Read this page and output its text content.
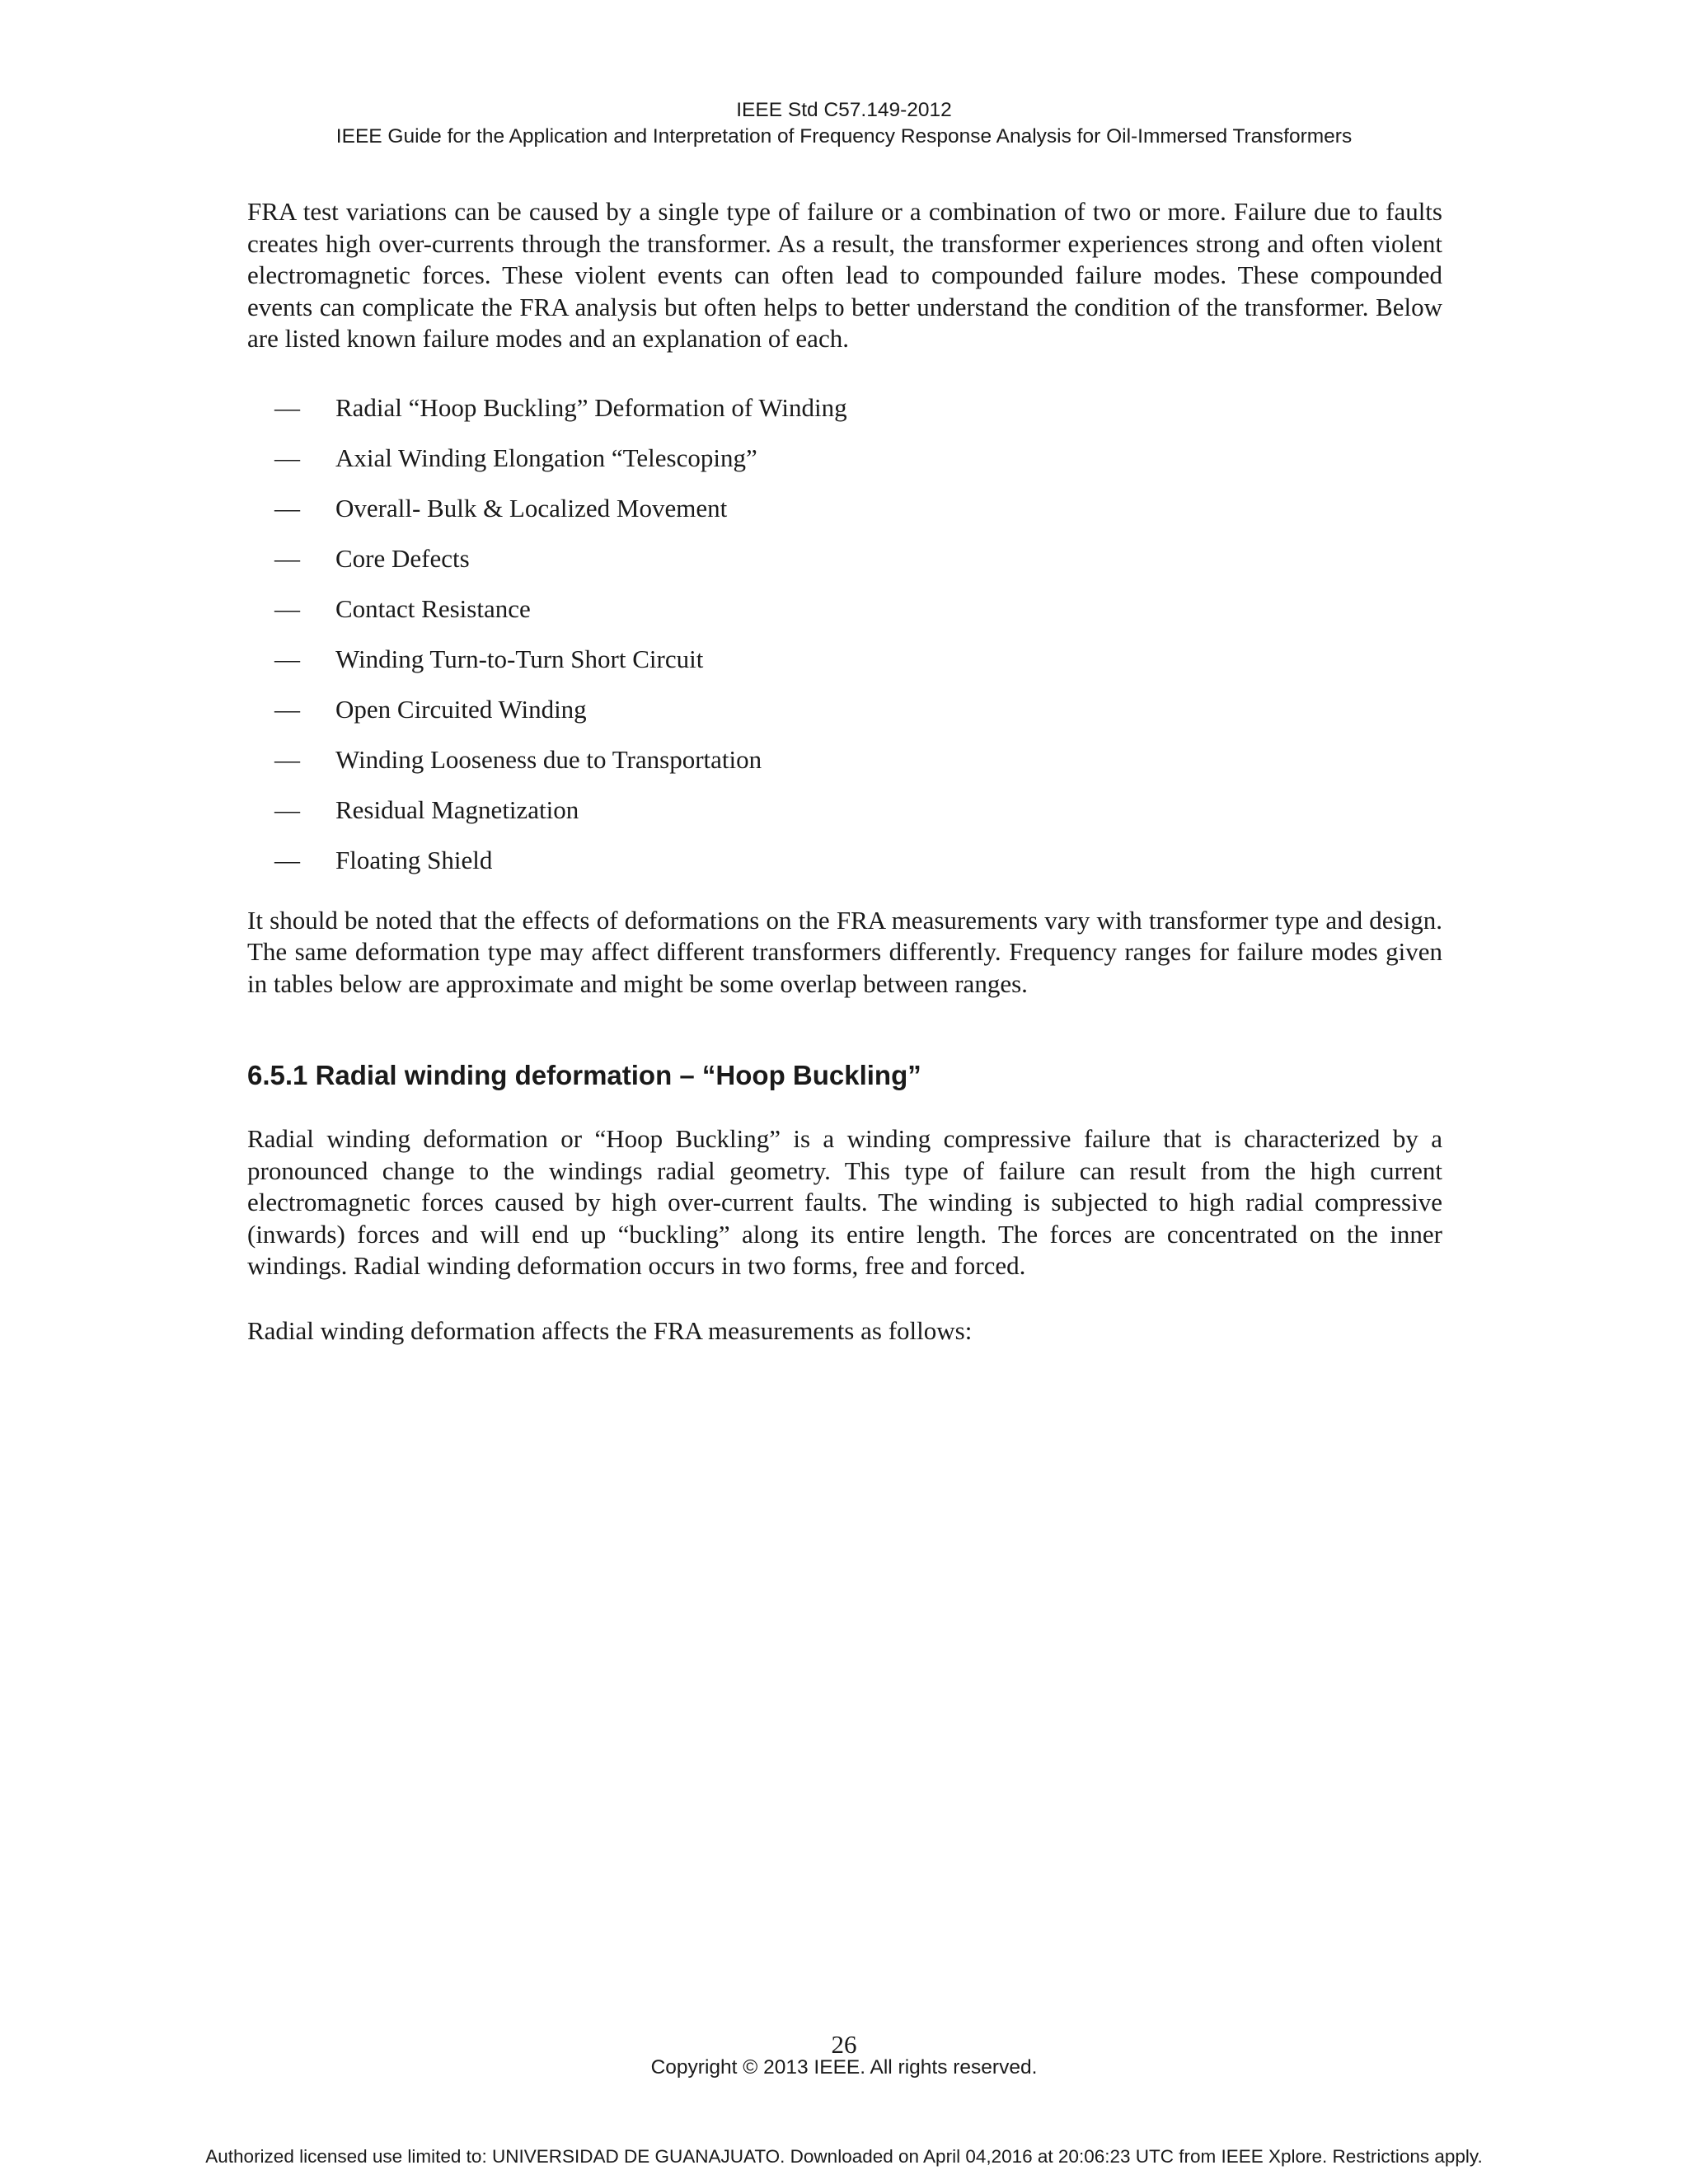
IEEE Std C57.149-2012
IEEE Guide for the Application and Interpretation of Frequency Response Analysis for Oil-Immersed Transformers

FRA test variations can be caused by a single type of failure or a combination of two or more. Failure due to faults creates high over-currents through the transformer. As a result, the transformer experiences strong and often violent electromagnetic forces. These violent events can often lead to compounded failure modes. These compounded events can complicate the FRA analysis but often helps to better understand the condition of the transformer. Below are listed known failure modes and an explanation of each.

—	Radial “Hoop Buckling” Deformation of Winding
—	Axial Winding Elongation “Telescoping”
—	Overall- Bulk & Localized Movement
—	Core Defects
—	Contact Resistance
—	Winding Turn-to-Turn Short Circuit
—	Open Circuited Winding
—	Winding Looseness due to Transportation
—	Residual Magnetization
—	Floating Shield

It should be noted that the effects of deformations on the FRA measurements vary with transformer type and design. The same deformation type may affect different transformers differently. Frequency ranges for failure modes given in tables below are approximate and might be some overlap between ranges.

6.5.1 Radial winding deformation – “Hoop Buckling”

Radial winding deformation or “Hoop Buckling” is a winding compressive failure that is characterized by a pronounced change to the windings radial geometry. This type of failure can result from the high current electromagnetic forces caused by high over-current faults. The winding is subjected to high radial compressive (inwards) forces and will end up “buckling” along its entire length. The forces are concentrated on the inner windings. Radial winding deformation occurs in two forms, free and forced.

Radial winding deformation affects the FRA measurements as follows:

26
Copyright © 2013 IEEE. All rights reserved.
Authorized licensed use limited to: UNIVERSIDAD DE GUANAJUATO. Downloaded on April 04,2016 at 20:06:23 UTC from IEEE Xplore. Restrictions apply.
